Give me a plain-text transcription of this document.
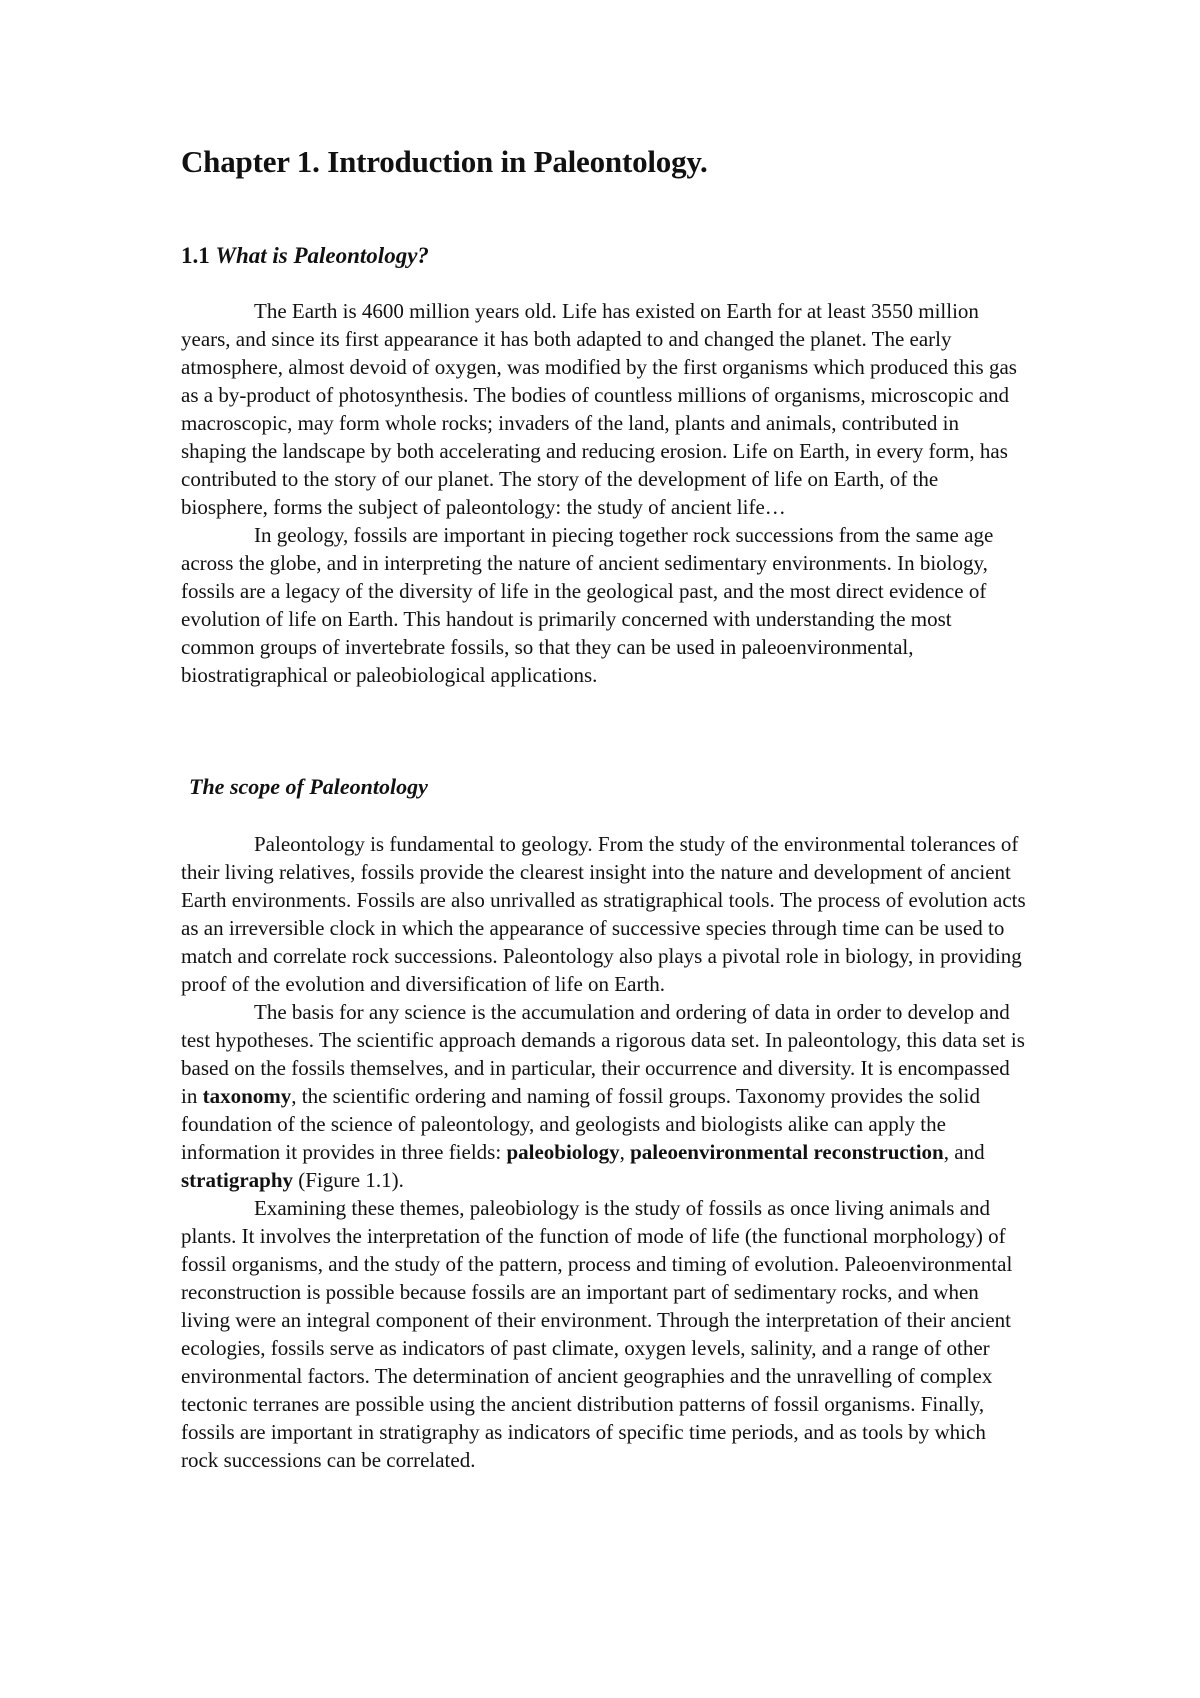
Chapter 1. Introduction in Paleontology.
1.1 What is Paleontology?

The Earth is 4600 million years old. Life has existed on Earth for at least 3550 million years, and since its first appearance it has both adapted to and changed the planet. The early atmosphere, almost devoid of oxygen, was modified by the first organisms which produced this gas as a by-product of photosynthesis. The bodies of countless millions of organisms, microscopic and macroscopic, may form whole rocks; invaders of the land, plants and animals, contributed in shaping the landscape by both accelerating and reducing erosion. Life on Earth, in every form, has contributed to the story of our planet. The story of the development of life on Earth, of the biosphere, forms the subject of paleontology: the study of ancient life…

In geology, fossils are important in piecing together rock successions from the same age across the globe, and in interpreting the nature of ancient sedimentary environments. In biology, fossils are a legacy of the diversity of life in the geological past, and the most direct evidence of evolution of life on Earth. This handout is primarily concerned with understanding the most common groups of invertebrate fossils, so that they can be used in paleoenvironmental, biostratigraphical or paleobiological applications.

The scope of Paleontology

Paleontology is fundamental to geology. From the study of the environmental tolerances of their living relatives, fossils provide the clearest insight into the nature and development of ancient Earth environments. Fossils are also unrivalled as stratigraphical tools. The process of evolution acts as an irreversible clock in which the appearance of successive species through time can be used to match and correlate rock successions. Paleontology also plays a pivotal role in biology, in providing proof of the evolution and diversification of life on Earth.

The basis for any science is the accumulation and ordering of data in order to develop and test hypotheses. The scientific approach demands a rigorous data set. In paleontology, this data set is based on the fossils themselves, and in particular, their occurrence and diversity. It is encompassed in taxonomy, the scientific ordering and naming of fossil groups. Taxonomy provides the solid foundation of the science of paleontology, and geologists and biologists alike can apply the information it provides in three fields: paleobiology, paleoenvironmental reconstruction, and stratigraphy (Figure 1.1).

Examining these themes, paleobiology is the study of fossils as once living animals and plants. It involves the interpretation of the function of mode of life (the functional morphology) of fossil organisms, and the study of the pattern, process and timing of evolution. Paleoenvironmental reconstruction is possible because fossils are an important part of sedimentary rocks, and when living were an integral component of their environment. Through the interpretation of their ancient ecologies, fossils serve as indicators of past climate, oxygen levels, salinity, and a range of other environmental factors. The determination of ancient geographies and the unravelling of complex tectonic terranes are possible using the ancient distribution patterns of fossil organisms. Finally, fossils are important in stratigraphy as indicators of specific time periods, and as tools by which rock successions can be correlated.
